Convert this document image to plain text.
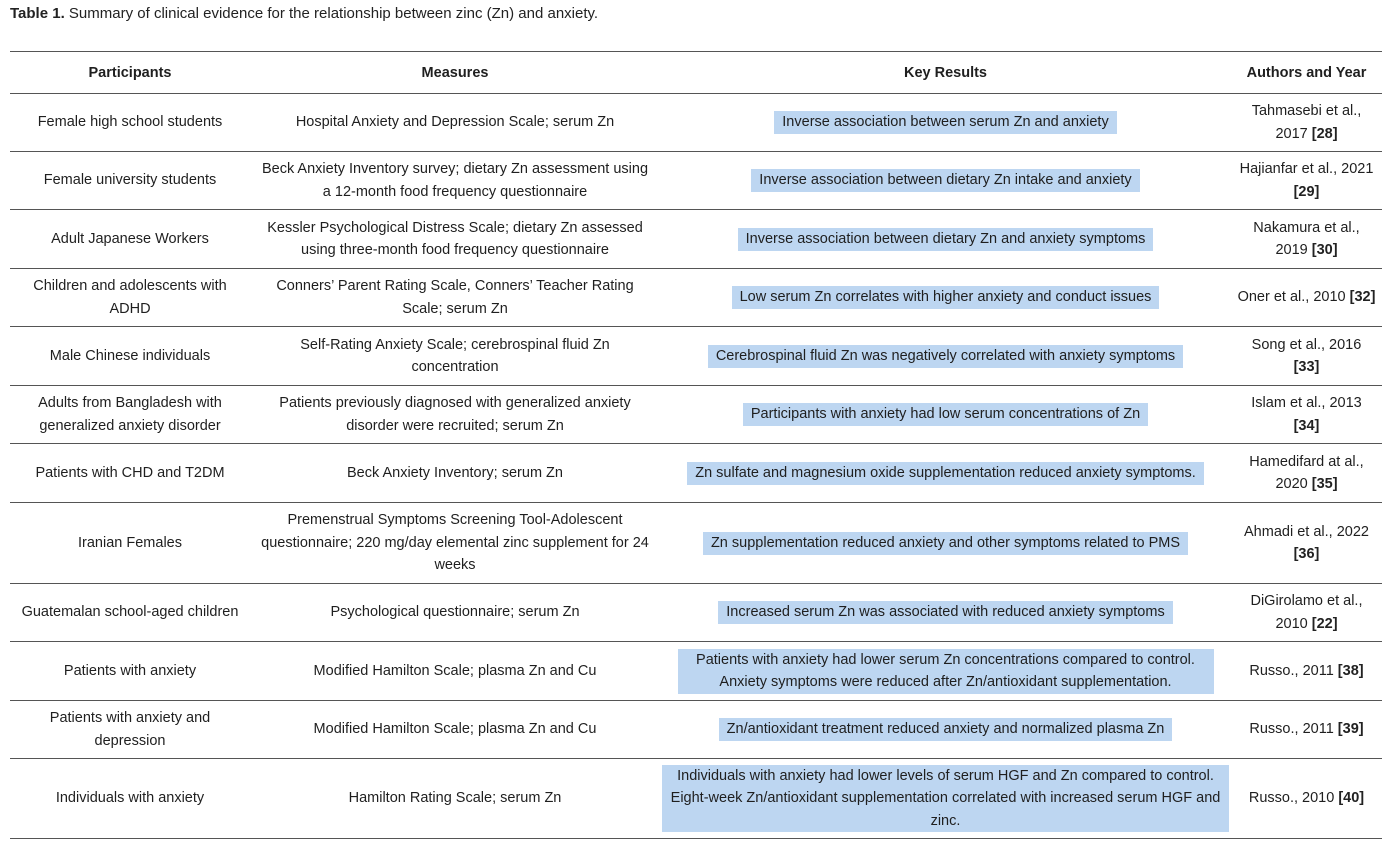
Table 1. Summary of clinical evidence for the relationship between zinc (Zn) and anxiety.
Participants	Measures	Key Results	Authors and Year
Female high school students	Hospital Anxiety and Depression Scale; serum Zn	Inverse association between serum Zn and anxiety	Tahmasebi et al., 2017 [28]
Female university students	Beck Anxiety Inventory survey; dietary Zn assessment using a 12-month food frequency questionnaire	Inverse association between dietary Zn intake and anxiety	Hajianfar et al., 2021 [29]
Adult Japanese Workers	Kessler Psychological Distress Scale; dietary Zn assessed using three-month food frequency questionnaire	Inverse association between dietary Zn and anxiety symptoms	Nakamura et al., 2019 [30]
Children and adolescents with ADHD	Conners’ Parent Rating Scale, Conners’ Teacher Rating Scale; serum Zn	Low serum Zn correlates with higher anxiety and conduct issues	Oner et al., 2010 [32]
Male Chinese individuals	Self-Rating Anxiety Scale; cerebrospinal fluid Zn concentration	Cerebrospinal fluid Zn was negatively correlated with anxiety symptoms	Song et al., 2016 [33]
Adults from Bangladesh with generalized anxiety disorder	Patients previously diagnosed with generalized anxiety disorder were recruited; serum Zn	Participants with anxiety had low serum concentrations of Zn	Islam et al., 2013 [34]
Patients with CHD and T2DM	Beck Anxiety Inventory; serum Zn	Zn sulfate and magnesium oxide supplementation reduced anxiety symptoms.	Hamedifard at al., 2020 [35]
Iranian Females	Premenstrual Symptoms Screening Tool-Adolescent questionnaire; 220 mg/day elemental zinc supplement for 24 weeks	Zn supplementation reduced anxiety and other symptoms related to PMS	Ahmadi et al., 2022 [36]
Guatemalan school-aged children	Psychological questionnaire; serum Zn	Increased serum Zn was associated with reduced anxiety symptoms	DiGirolamo et al., 2010 [22]
Patients with anxiety	Modified Hamilton Scale; plasma Zn and Cu	Patients with anxiety had lower serum Zn concentrations compared to control. Anxiety symptoms were reduced after Zn/antioxidant supplementation.	Russo., 2011 [38]
Patients with anxiety and depression	Modified Hamilton Scale; plasma Zn and Cu	Zn/antioxidant treatment reduced anxiety and normalized plasma Zn	Russo., 2011 [39]
Individuals with anxiety	Hamilton Rating Scale; serum Zn	Individuals with anxiety had lower levels of serum HGF and Zn compared to control. Eight-week Zn/antioxidant supplementation correlated with increased serum HGF and zinc.	Russo., 2010 [40]
